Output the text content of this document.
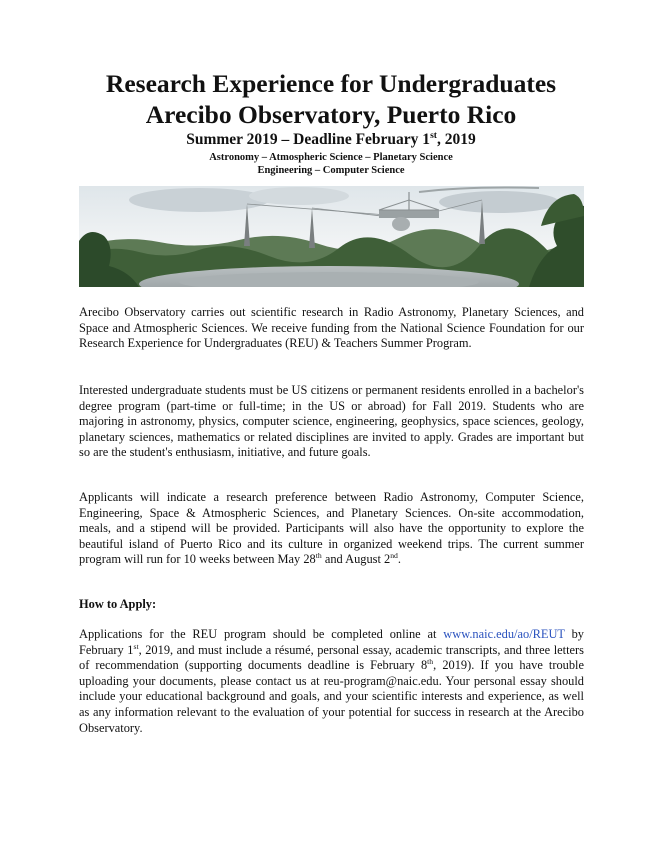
Research Experience for Undergraduates
Arecibo Observatory, Puerto Rico
Summer 2019 – Deadline February 1st, 2019
Astronomy – Atmospheric Science – Planetary Science
Engineering – Computer Science

Arecibo Observatory carries out scientific research in Radio Astronomy, Planetary Sciences, and Space and Atmospheric Sciences. We receive funding from the National Science Foundation for our Research Experience for Undergraduates (REU) & Teachers Summer Program.

Interested undergraduate students must be US citizens or permanent residents enrolled in a bachelor's degree program (part-time or full-time; in the US or abroad) for Fall 2019. Students who are majoring in astronomy, physics, computer science, engineering, geophysics, space sciences, geology, planetary sciences, mathematics or related disciplines are invited to apply. Grades are important but so are the student's enthusiasm, initiative, and future goals.

Applicants will indicate a research preference between Radio Astronomy, Computer Science, Engineering, Space & Atmospheric Sciences, and Planetary Sciences. On-site accommodation, meals, and a stipend will be provided. Participants will also have the opportunity to explore the beautiful island of Puerto Rico and its culture in organized weekend trips. The current summer program will run for 10 weeks between May 28th and August 2nd.

How to Apply:

Applications for the REU program should be completed online at www.naic.edu/ao/REUT by February 1st, 2019, and must include a résumé, personal essay, academic transcripts, and three letters of recommendation (supporting documents deadline is February 8th, 2019). If you have trouble uploading your documents, please contact us at reu-program@naic.edu. Your personal essay should include your educational background and goals, and your scientific interests and experience, as well as any information relevant to the evaluation of your potential for success in research at the Arecibo Observatory.
